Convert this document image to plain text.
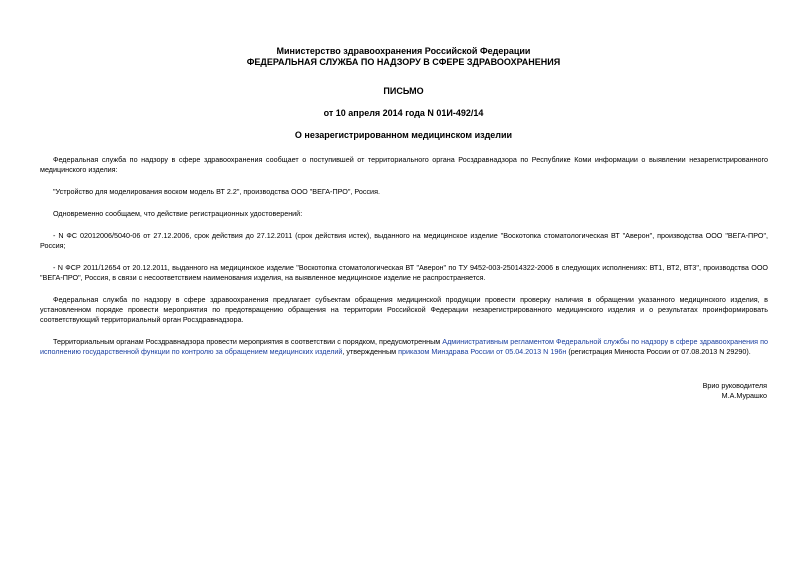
Министерство здравоохранения Российской Федерации
ФЕДЕРАЛЬНАЯ СЛУЖБА ПО НАДЗОРУ В СФЕРЕ ЗДРАВООХРАНЕНИЯ
ПИСЬМО
от 10 апреля 2014 года N 01И-492/14
О незарегистрированном медицинском изделии

Федеральная служба по надзору в сфере здравоохранения сообщает о поступившей от территориального органа Росздравнадзора по Республике Коми информации о выявлении незарегистрированного медицинского изделия:

"Устройство для моделирования воском модель ВТ 2.2", производства ООО "ВЕГА-ПРО", Россия.

Одновременно сообщаем, что действие регистрационных удостоверений:

- N ФС 02012006/5040-06 от 27.12.2006, срок действия до 27.12.2011 (срок действия истек), выданного на медицинское изделие "Воскотопка стоматологическая ВТ "Аверон", производства ООО "ВЕГА-ПРО", Россия;

- N ФСР 2011/12654 от 20.12.2011, выданного на медицинское изделие "Воскотопка стоматологическая ВТ "Аверон" по ТУ 9452-003-25014322-2006 в следующих исполнениях: ВТ1, ВТ2, ВТ3", производства ООО "ВЕГА-ПРО", Россия, в связи с несоответствием наименования изделия, на выявленное медицинское изделие не распространяется.

Федеральная служба по надзору в сфере здравоохранения предлагает субъектам обращения медицинской продукции провести проверку наличия в обращении указанного медицинского изделия, в установленном порядке провести мероприятия по предотвращению обращения на территории Российской Федерации незарегистрированного медицинского изделия и о результатах проинформировать соответствующий территориальный орган Росздравнадзора.

Территориальным органам Росздравнадзора провести мероприятия в соответствии с порядком, предусмотренным Административным регламентом Федеральной службы по надзору в сфере здравоохранения по исполнению государственной функции по контролю за обращением медицинских изделий, утвержденным приказом Минздрава России от 05.04.2013 N 196н (регистрация Минюста России от 07.08.2013 N 29290).

Врио руководителя
М.А.Мурашко
